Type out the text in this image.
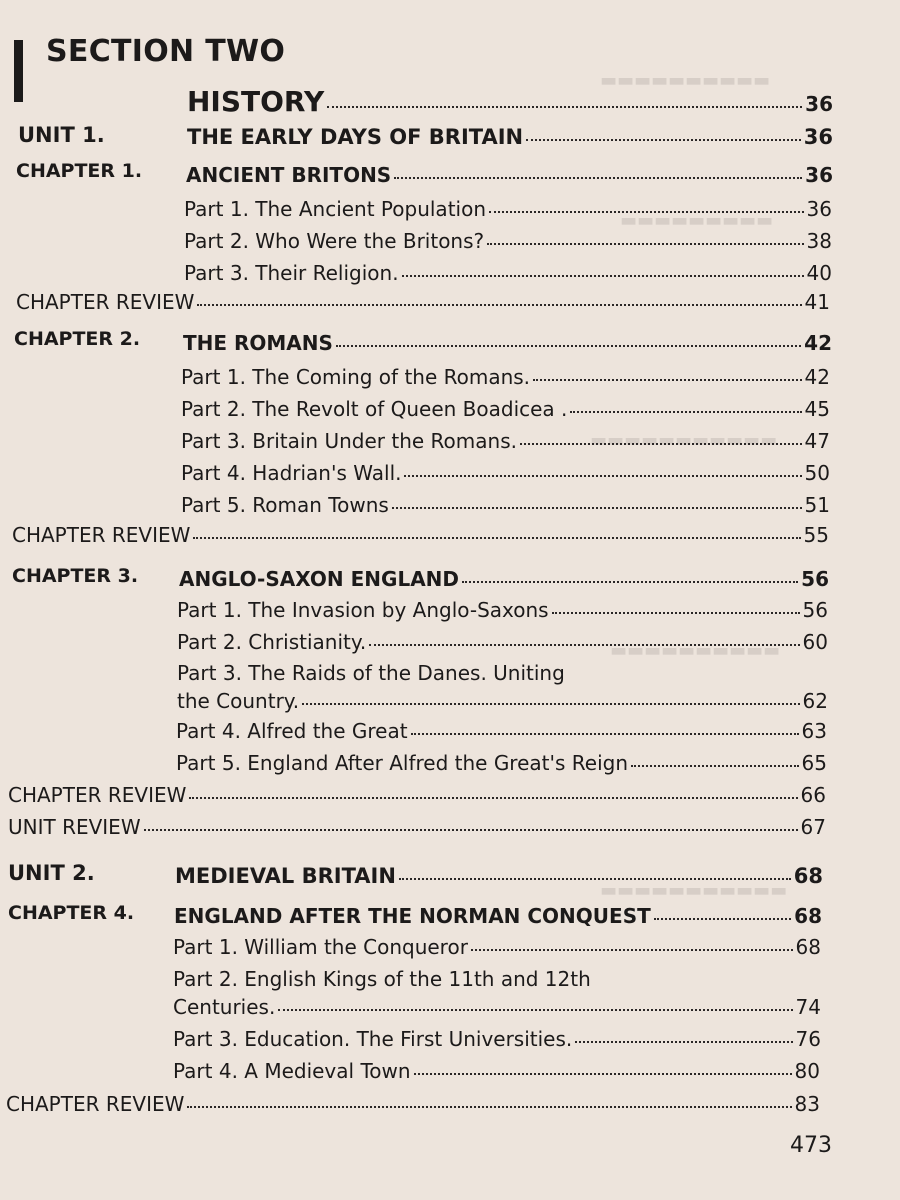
▬▬▬▬▬▬▬▬▬▬
▬▬▬▬▬▬▬▬▬
▬▬▬▬▬▬▬▬▬▬▬
▬▬▬▬▬▬▬▬▬▬
▬▬▬▬▬▬▬▬▬▬▬
SECTION TWO
HISTORY	36
UNIT 1.	THE EARLY DAYS OF BRITAIN	36
CHAPTER 1. ANCIENT BRITONS	36
Part 1. The Ancient Population	36
Part 2. Who Were the Britons?	38
Part 3. Their Religion.	40
CHAPTER REVIEW	41
CHAPTER 2. THE ROMANS	42
Part 1. The Coming of the Romans.	42
Part 2. The Revolt of Queen Boadicea .	45
Part 3. Britain Under the Romans.	47
Part 4. Hadrian's Wall.	50
Part 5. Roman Towns	51
CHAPTER REVIEW	55
CHAPTER 3. ANGLO-SAXON ENGLAND	56
Part 1. The Invasion by Anglo-Saxons	56
Part 2. Christianity.	60
Part 3. The Raids of the Danes. Uniting
the Country.	62
Part 4. Alfred the Great	63
Part 5. England After Alfred the Great's Reign	65
CHAPTER REVIEW	66
UNIT REVIEW	67
UNIT 2.	MEDIEVAL BRITAIN	68
CHAPTER 4. ENGLAND AFTER THE NORMAN CONQUEST	68
Part 1. William the Conqueror	68
Part 2. English Kings of the 11th and 12th
Centuries.	74
Part 3. Education. The First Universities.	76
Part 4. A Medieval Town	80
CHAPTER REVIEW	83
473
